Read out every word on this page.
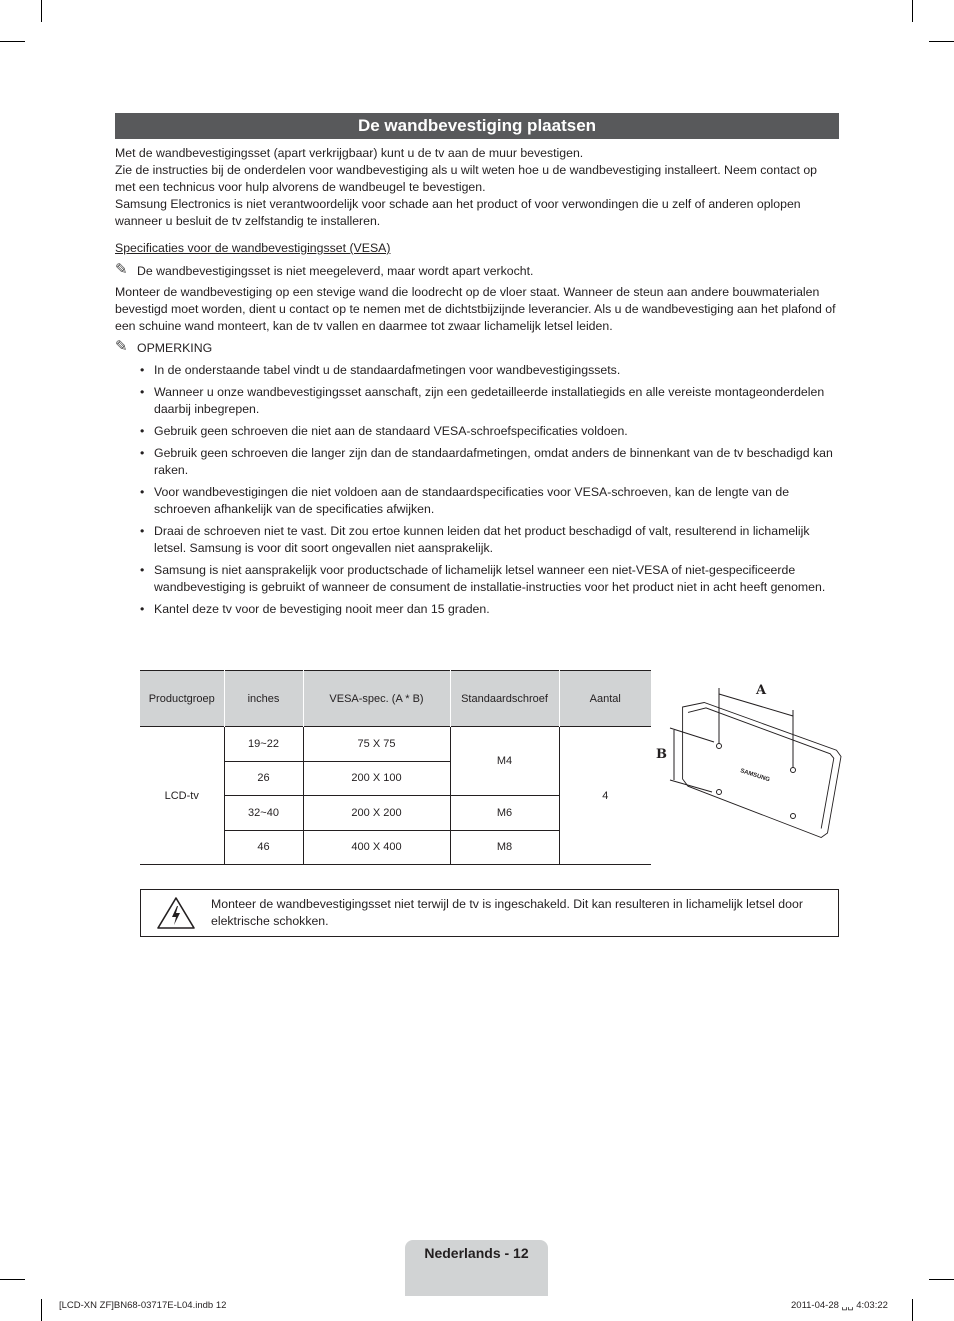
De wandbevestiging plaatsen

Met de wandbevestigingsset (apart verkrijgbaar) kunt u de tv aan de muur bevestigen.

Zie de instructies bij de onderdelen voor wandbevestiging als u wilt weten hoe u de wandbevestiging installeert. Neem contact op met een technicus voor hulp alvorens de wandbeugel te bevestigen.

Samsung Electronics is niet verantwoordelijk voor schade aan het product of voor verwondingen die u zelf of anderen oplopen wanneer u besluit de tv zelfstandig te installeren.

Specificaties voor de wandbevestigingsset (VESA)

✎ De wandbevestigingsset is niet meegeleverd, maar wordt apart verkocht.

Monteer de wandbevestiging op een stevige wand die loodrecht op de vloer staat. Wanneer de steun aan andere bouwmaterialen bevestigd moet worden, dient u contact op te nemen met de dichtstbijzijnde leverancier. Als u de wandbevestiging aan het plafond of een schuine wand monteert, kan de tv vallen en daarmee tot zwaar lichamelijk letsel leiden.

✎ OPMERKING
• In de onderstaande tabel vindt u de standaardafmetingen voor wandbevestigingssets.
• Wanneer u onze wandbevestigingsset aanschaft, zijn een gedetailleerde installatiegids en alle vereiste montageonderdelen daarbij inbegrepen.
• Gebruik geen schroeven die niet aan de standaard VESA-schroefspecificaties voldoen.
• Gebruik geen schroeven die langer zijn dan de standaardafmetingen, omdat anders de binnenkant van de tv beschadigd kan raken.
• Voor wandbevestigingen die niet voldoen aan de standaardspecificaties voor VESA-schroeven, kan de lengte van de schroeven afhankelijk van de specificaties afwijken.
• Draai de schroeven niet te vast. Dit zou ertoe kunnen leiden dat het product beschadigd of valt, resulterend in lichamelijk letsel. Samsung is voor dit soort ongevallen niet aansprakelijk.
• Samsung is niet aansprakelijk voor productschade of lichamelijk letsel wanneer een niet-VESA of niet-gespecificeerde wandbevestiging is gebruikt of wanneer de consument de installatie-instructies voor het product niet in acht heeft genomen.
• Kantel deze tv voor de bevestiging nooit meer dan 15 graden.
Productgroep	inches	VESA-spec. (A * B)	Standaardschroef	Aantal
LCD-tv	19~22	75 X 75	M4	4
	26	200 X 100		
	32~40	200 X 200	M6	
	46	400 X 400	M8	
A
B
SAMSUNG
Monteer de wandbevestigingsset niet terwijl de tv is ingeschakeld. Dit kan resulteren in lichamelijk letsel door elektrische schokken.
Nederlands - 12
[LCD-XN ZF]BN68-03717E-L04.indb 12	2011-04-28 ␣␣ 4:03:22
